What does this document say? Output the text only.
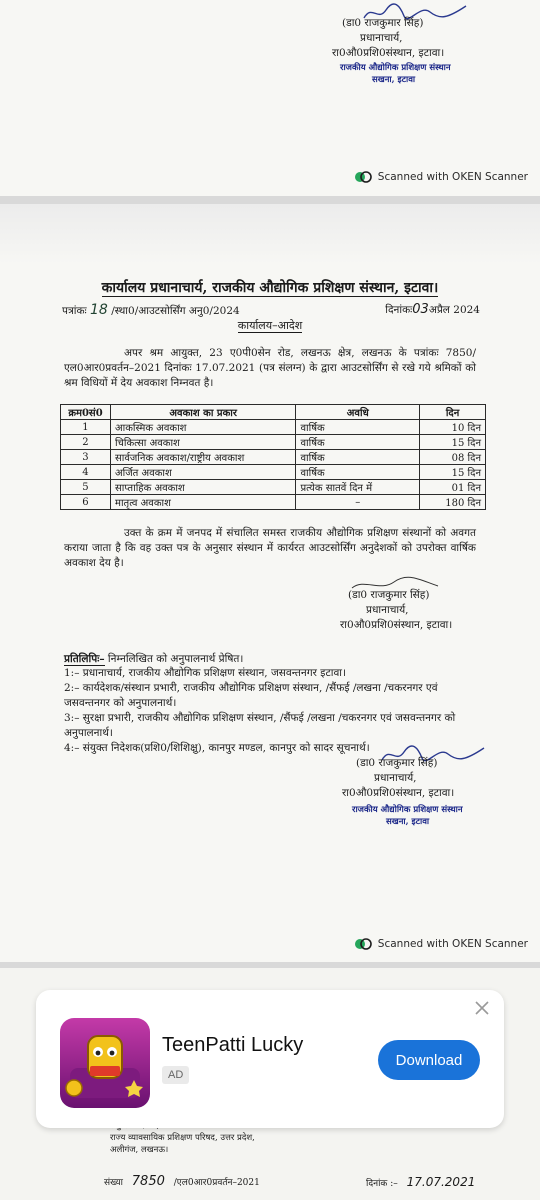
(डा0 राजकुमार सिंह)
प्रधानाचार्य,
रा0औ0प्रशि0संस्थान, इटावा।
राजकीय औद्योगिक प्रशिक्षण संस्थान
सखना, इटावा
Scanned with OKEN Scanner
कार्यालय प्रधानाचार्य, राजकीय औद्योगिक प्रशिक्षण संस्थान, इटावा।
पत्रांकः 18 /स्था0/आउटसोर्सिंग अनु0/2024	दिनांकः03अप्रैल 2024
कार्यालय–आदेश
अपर श्रम आयुक्त, 23 ए0पी0सेन रोड, लखनऊ क्षेत्र, लखनऊ के पत्रांकः 7850/एल0आर0प्रवर्तन–2021 दिनांकः 17.07.2021 (पत्र संलग्न) के द्वारा आउटसोर्सिंग से रखे गये श्रमिकों को श्रम विधियों में देय अवकाश निम्नवत है।
क्रम0सं0	अवकाश का प्रकार	अवधि	दिन
1	आकस्मिक अवकाश	वार्षिक	10 दिन
2	चिकित्सा अवकाश	वार्षिक	15 दिन
3	सार्वजनिक अवकाश/राष्ट्रीय अवकाश	वार्षिक	08 दिन
4	अर्जित अवकाश	वार्षिक	15 दिन
5	साप्ताहिक अवकाश	प्रत्येक सातवें दिन में	01 दिन
6	मातृत्व अवकाश	–	180 दिन
उक्त के क्रम में जनपद में संचालित समस्त राजकीय औद्योगिक प्रशिक्षण संस्थानों को अवगत कराया जाता है कि वह उक्त पत्र के अनुसार संस्थान में कार्यरत आउटसोर्सिंग अनुदेशकों को उपरोक्त वार्षिक अवकाश देय है।
(डा0 राजकुमार सिंह)
प्रधानाचार्य,
रा0औ0प्रशि0संस्थान, इटावा।
प्रतिलिपिः– निम्नलिखित को अनुपालनार्थ प्रेषित।
1:– प्रधानाचार्य, राजकीय औद्योगिक प्रशिक्षण संस्थान, जसवन्तनगर इटावा।
2:– कार्यदेशक/संस्थान प्रभारी, राजकीय औद्योगिक प्रशिक्षण संस्थान, /सैंफई /लखना /चकरनगर एवं जसवन्तनगर को अनुपालनार्थ।
3:– सुरक्षा प्रभारी, राजकीय औद्योगिक प्रशिक्षण संस्थान, /सैंफई /लखना /चकरनगर एवं जसवन्तनगर को अनुपालनार्थ।
4:– संयुक्त निदेशक(प्रशि0/शिशिक्षु), कानपुर मण्डल, कानपुर को सादर सूचनार्थ।
(डा0 राजकुमार सिंह)
प्रधानाचार्य,
रा0औ0प्रशि0संस्थान, इटावा।
राजकीय औद्योगिक प्रशिक्षण संस्थान
सखना, इटावा
Scanned with OKEN Scanner
राज्य व्यावसायिक प्रशिक्षण परिषद, उत्तर प्रदेश,
अलीगंज, लखनऊ।
संख्या 7850 /एल0आर0प्रवर्तन–2021	दिनांक :– 17.07.2021
TeenPatti Lucky
AD
Download
